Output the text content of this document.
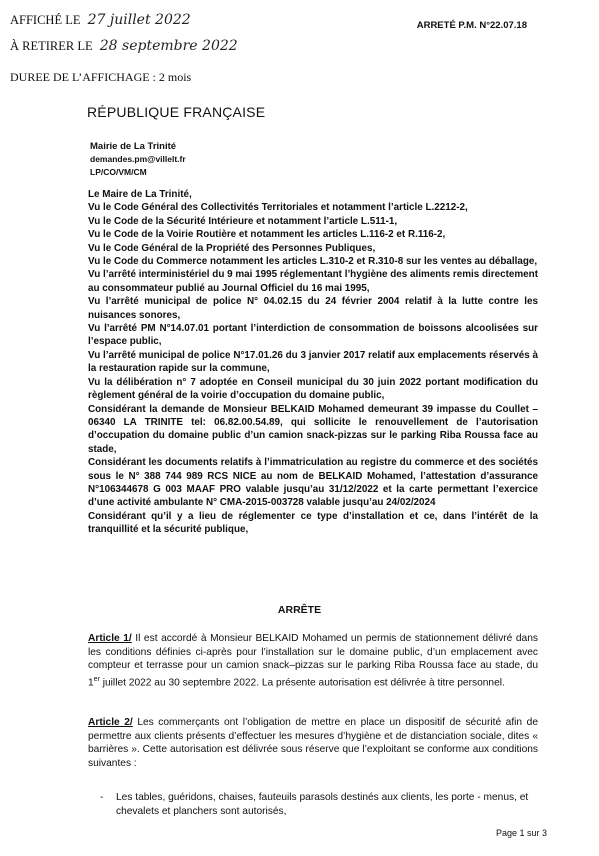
AFFICHÉ LE 27 juillet 2022
À RETIRER LE 28 septembre 2022
DUREE DE L’AFFICHAGE : 2 mois
ARRETÉ P.M. N°22.07.18
RÉPUBLIQUE FRANÇAISE
Mairie de La Trinité
demandes.pm@villelt.fr
LP/CO/VM/CM

Le Maire de La Trinité,

Vu le Code Général des Collectivités Territoriales et notamment l’article L.2212-2,

Vu le Code de la Sécurité Intérieure et notamment l’article L.511-1,

Vu le Code de la Voirie Routière et notamment les articles L.116-2 et R.116-2,

Vu le Code Général de la Propriété des Personnes Publiques,

Vu le Code du Commerce notamment les articles L.310-2 et R.310-8 sur les ventes au déballage,

Vu l’arrêté interministériel du 9 mai 1995 réglementant l’hygiène des aliments remis directement au consommateur publié au Journal Officiel du 16 mai 1995,

Vu l’arrêté municipal de police N° 04.02.15 du 24 février 2004 relatif à la lutte contre les nuisances sonores,

Vu l’arrêté PM N°14.07.01 portant l’interdiction de consommation de boissons alcoolisées sur l’espace public,

Vu l’arrêté municipal de police N°17.01.26 du 3 janvier 2017 relatif aux emplacements réservés à la restauration rapide sur la commune,

Vu la délibération n° 7 adoptée en Conseil municipal du 30 juin 2022 portant modification du règlement général de la voirie d’occupation du domaine public,

Considérant la demande de Monsieur BELKAID Mohamed demeurant 39 impasse du Coullet – 06340 LA TRINITE tel: 06.82.00.54.89, qui sollicite le renouvellement de l’autorisation d’occupation du domaine public d’un camion snack-pizzas sur le parking Riba Roussa face au stade,

Considérant les documents relatifs à l’immatriculation au registre du commerce et des sociétés sous le N° 388 744 989 RCS NICE au nom de BELKAID Mohamed, l’attestation d’assurance N°106344678 G 003 MAAF PRO valable jusqu’au 31/12/2022 et la carte permettant l’exercice d’une activité ambulante N° CMA-2015-003728 valable jusqu’au 24/02/2024

Considérant qu’il y a lieu de réglementer ce type d’installation et ce, dans l’intérêt de la tranquillité et la sécurité publique,

ARRÊTE
Article 1/ Il est accordé à Monsieur BELKAID Mohamed un permis de stationnement délivré dans les conditions définies ci-après pour l’installation sur le domaine public, d’un emplacement avec compteur et terrasse pour un camion snack–pizzas sur le parking Riba Roussa face au stade, du 1er juillet 2022 au 30 septembre 2022. La présente autorisation est délivrée à titre personnel.
Article 2/ Les commerçants ont l’obligation de mettre en place un dispositif de sécurité afin de permettre aux clients présents d’effectuer les mesures d’hygiène et de distanciation sociale, dites « barrières ». Cette autorisation est délivrée sous réserve que l’exploitant se conforme aux conditions suivantes :
-	Les tables, guéridons, chaises, fauteuils parasols destinés aux clients, les porte - menus, et chevalets et planchers sont autorisés,
Page 1 sur 3
